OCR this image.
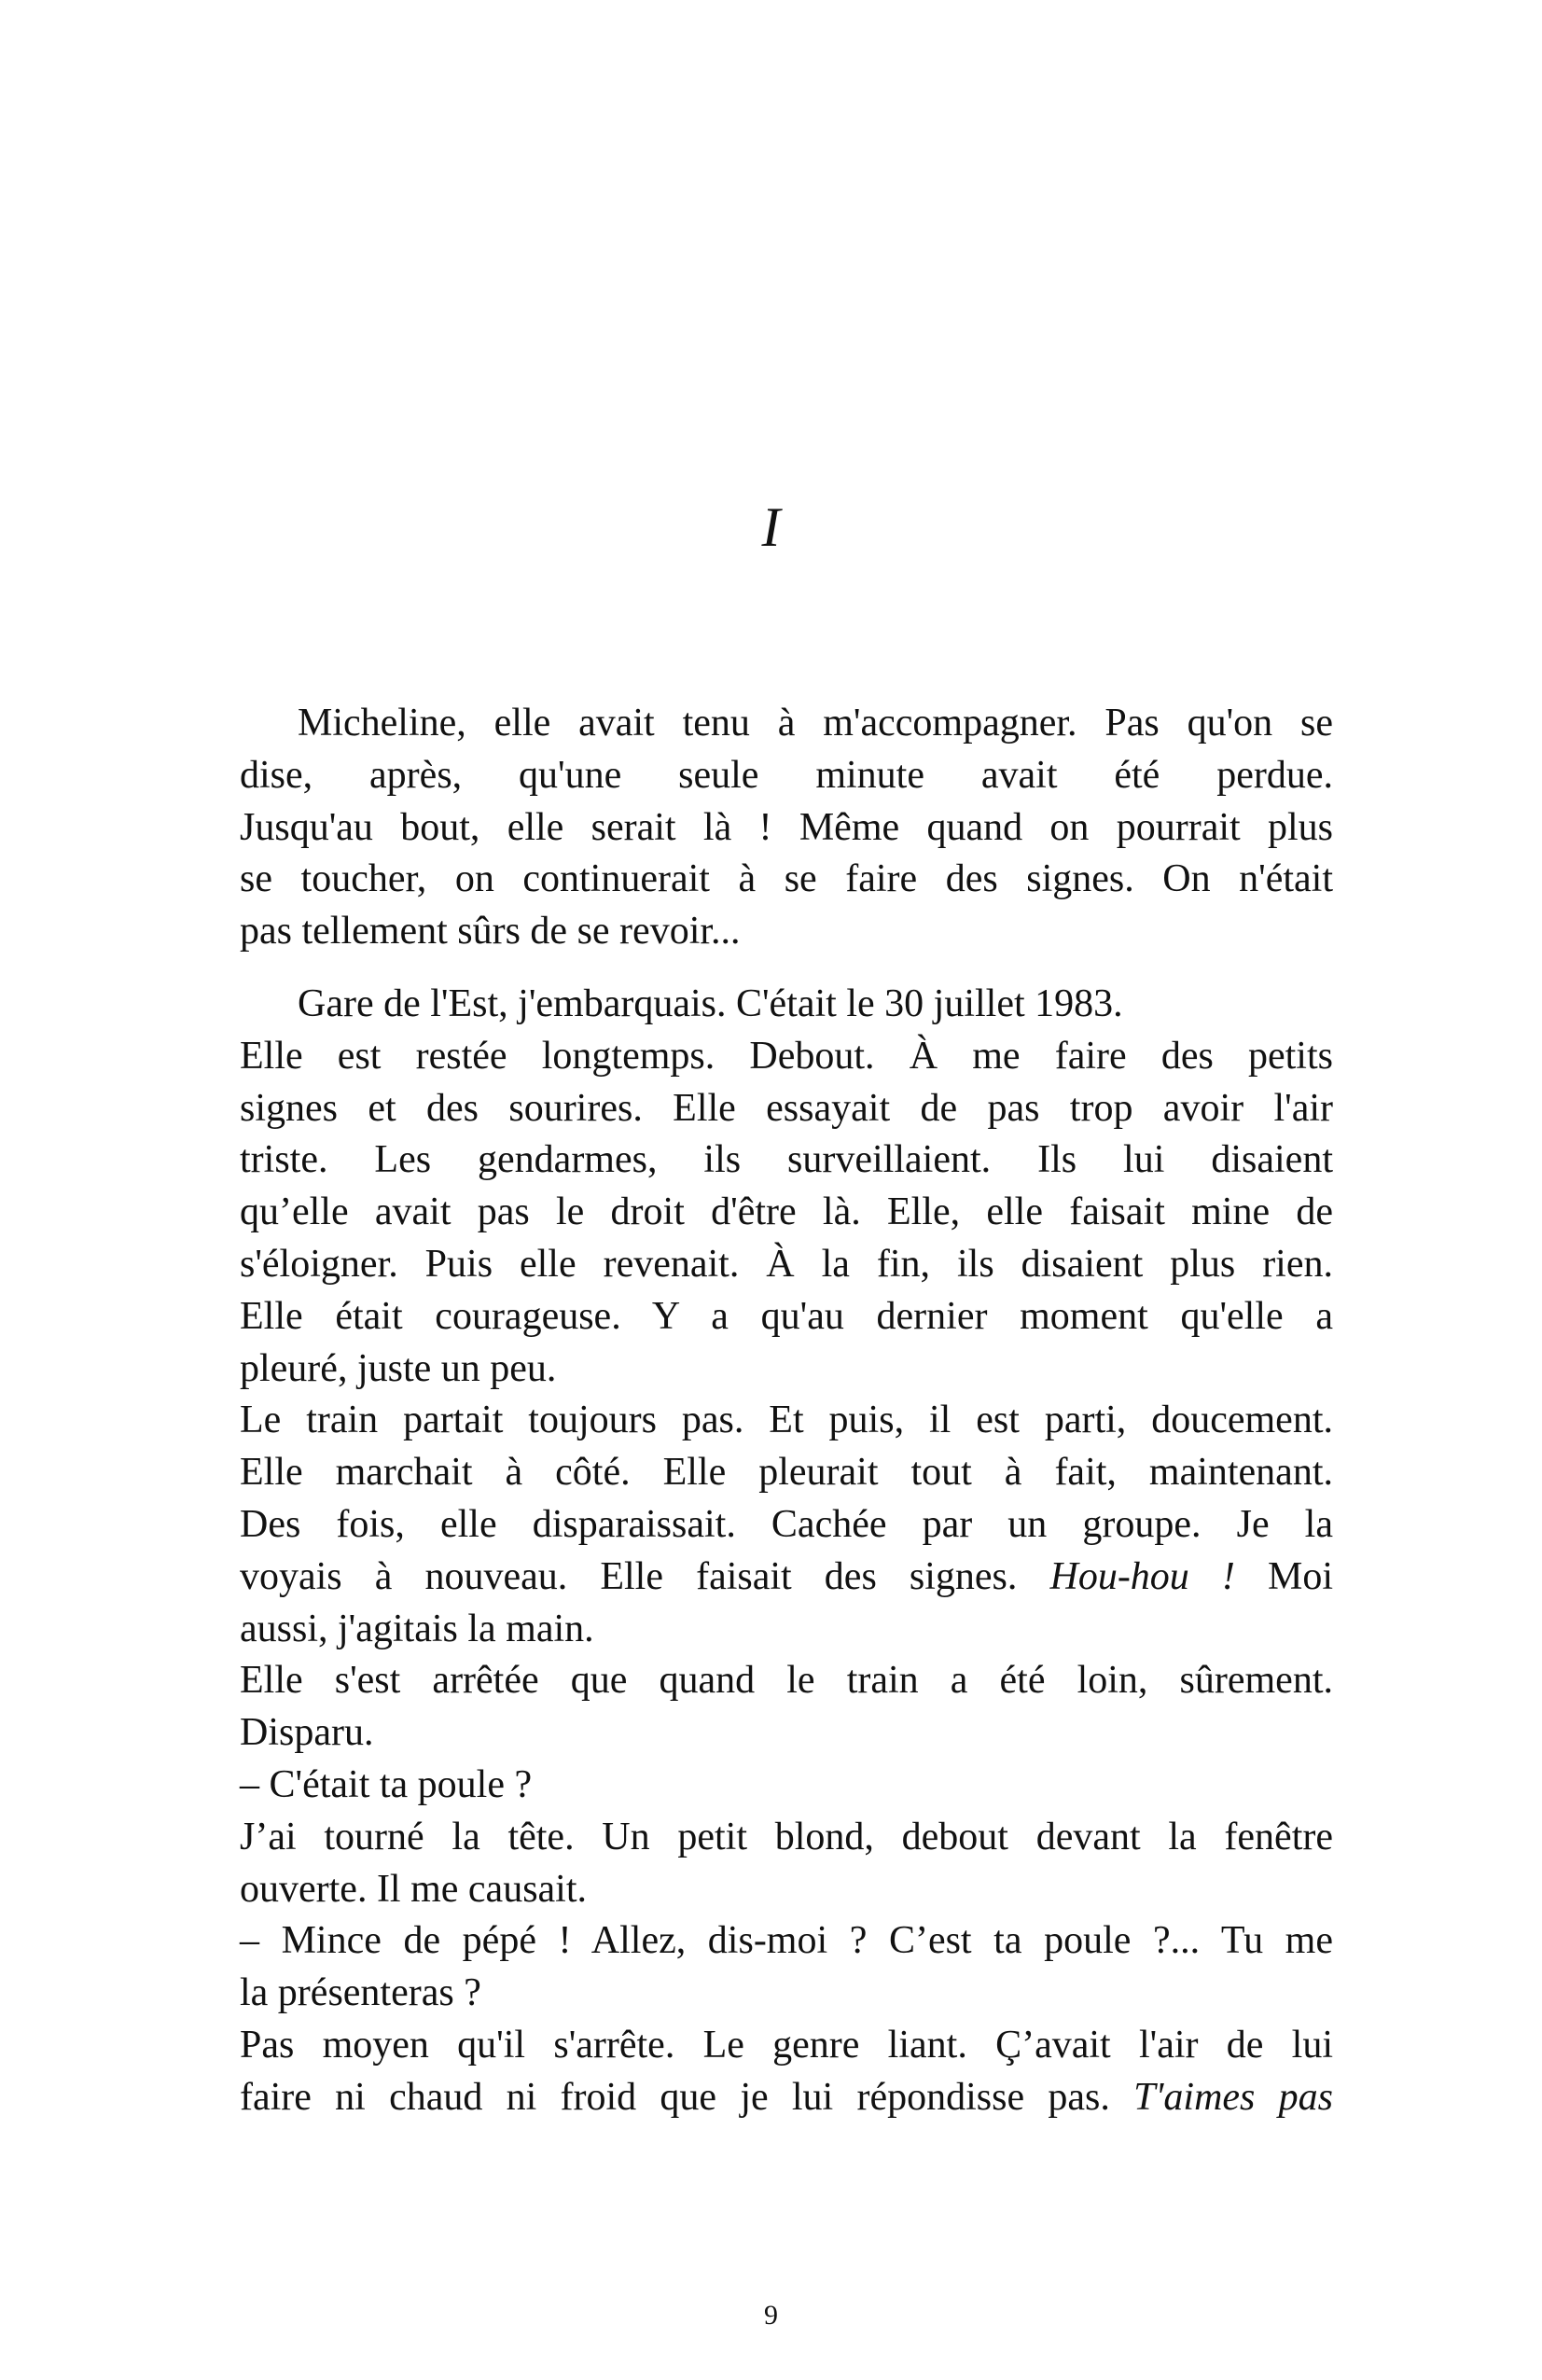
I
Micheline, elle avait tenu à m'accompagner. Pas qu'on se
dise, après, qu'une seule minute avait été perdue.
Jusqu'au bout, elle serait là ! Même quand on pourrait plus
se toucher, on continuerait à se faire des signes. On n'était
pas tellement sûrs de se revoir...
Gare de l'Est, j'embarquais. C'était le 30 juillet 1983.
Elle est restée longtemps. Debout. À me faire des petits
signes et des sourires. Elle essayait de pas trop avoir l'air
triste. Les gendarmes, ils surveillaient. Ils lui disaient
qu’elle avait pas le droit d'être là. Elle, elle faisait mine de
s'éloigner. Puis elle revenait. À la fin, ils disaient plus rien.
Elle était courageuse. Y a qu'au dernier moment qu'elle a
pleuré, juste un peu.
Le train partait toujours pas. Et puis, il est parti, doucement.
Elle marchait à côté. Elle pleurait tout à fait, maintenant.
Des fois, elle disparaissait. Cachée par un groupe. Je la
voyais à nouveau. Elle faisait des signes. Hou-hou ! Moi
aussi, j'agitais la main.
Elle s'est arrêtée que quand le train a été loin, sûrement.
Disparu.
– C'était ta poule ?
J’ai tourné la tête. Un petit blond, debout devant la fenêtre
ouverte. Il me causait.
– Mince de pépé ! Allez, dis-moi ? C’est ta poule ?... Tu me
la présenteras ?
Pas moyen qu'il s'arrête. Le genre liant. Ç’avait l'air de lui
faire ni chaud ni froid que je lui répondisse pas. T'aimes pas
9
